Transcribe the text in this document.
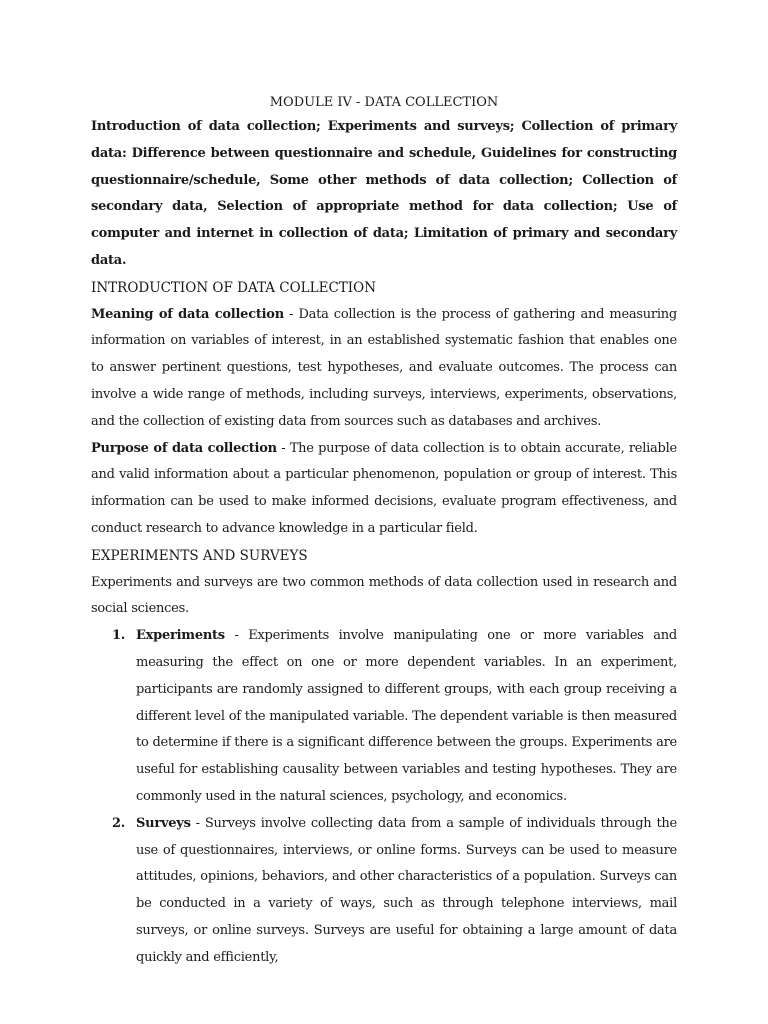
MODULE IV - DATA COLLECTION

Introduction of data collection; Experiments and surveys; Collection of primary data: Difference between questionnaire and schedule, Guidelines for constructing questionnaire/schedule, Some other methods of data collection; Collection of secondary data, Selection of appropriate method for data collection; Use of computer and internet in collection of data; Limitation of primary and secondary data.

INTRODUCTION OF DATA COLLECTION

Meaning of data collection - Data collection is the process of gathering and measuring information on variables of interest, in an established systematic fashion that enables one to answer pertinent questions, test hypotheses, and evaluate outcomes. The process can involve a wide range of methods, including surveys, interviews, experiments, observations, and the collection of existing data from sources such as databases and archives.

Purpose of data collection - The purpose of data collection is to obtain accurate, reliable and valid information about a particular phenomenon, population or group of interest. This information can be used to make informed decisions, evaluate program effectiveness, and conduct research to advance knowledge in a particular field.

EXPERIMENTS AND SURVEYS

Experiments and surveys are two common methods of data collection used in research and social sciences.

1. Experiments - Experiments involve manipulating one or more variables and measuring the effect on one or more dependent variables. In an experiment, participants are randomly assigned to different groups, with each group receiving a different level of the manipulated variable. The dependent variable is then measured to determine if there is a significant difference between the groups. Experiments are useful for establishing causality between variables and testing hypotheses. They are commonly used in the natural sciences, psychology, and economics.
2. Surveys - Surveys involve collecting data from a sample of individuals through the use of questionnaires, interviews, or online forms. Surveys can be used to measure attitudes, opinions, behaviors, and other characteristics of a population. Surveys can be conducted in a variety of ways, such as through telephone interviews, mail surveys, or online surveys. Surveys are useful for obtaining a large amount of data quickly and efficiently,
